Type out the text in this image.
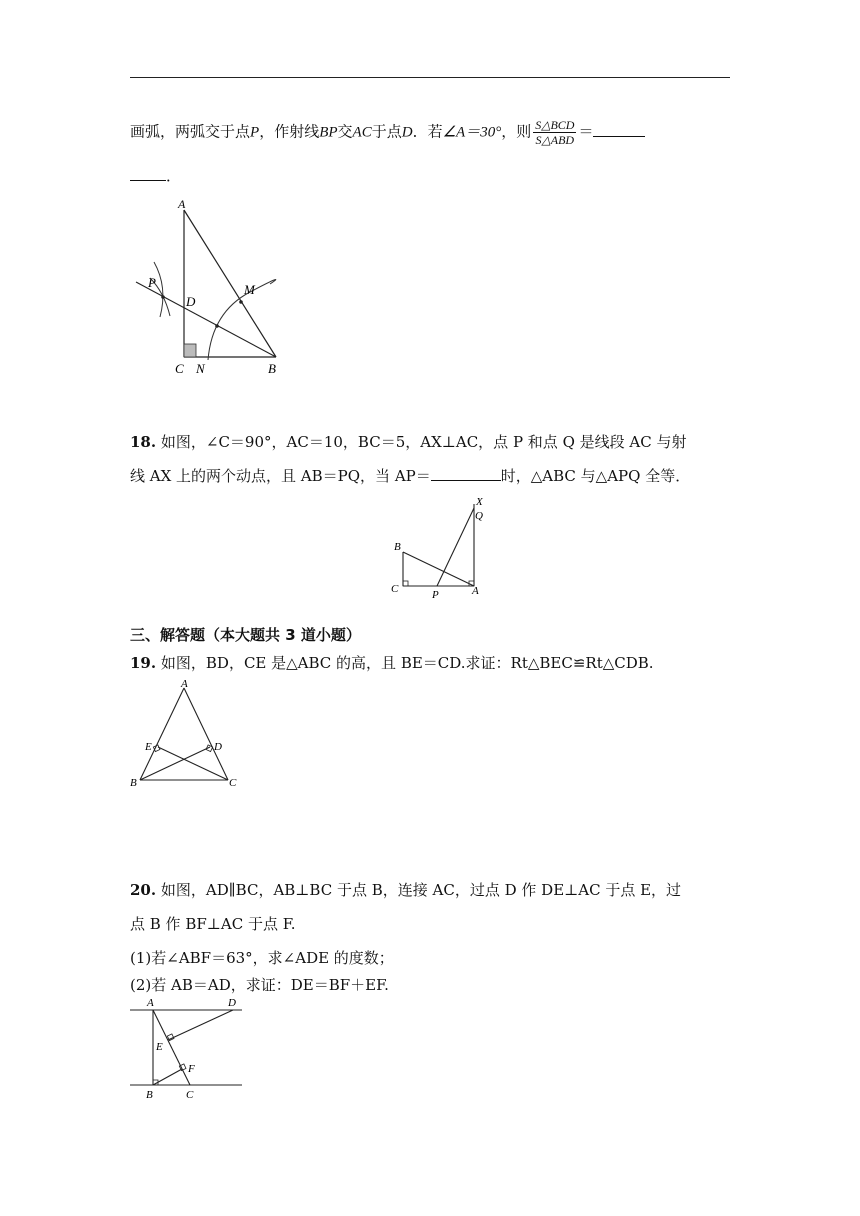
画弧，两弧交于点P，作射线BP交AC于点D．若∠A＝30°，则 $\frac{\text{S△BCD}}{\text{S△ABD}}$ ＝
．
A
P
D
M
C N	B
18. 如图，∠C＝90°，AC＝10，BC＝5，AX⊥AC，点 P 和点 Q 是线段 AC 与射
线 AX 上的两个动点，且 AB＝PQ，当 AP＝	时，△ABC 与△APQ 全等．
X
Q
B
C	P	A
三、解答题（本大题共 3 道小题）
19. 如图，BD，CE 是△ABC 的高，且 BE＝CD.求证：Rt△BEC≌Rt△CDB.
A
E	D
B	C
20. 如图，AD∥BC，AB⊥BC 于点 B，连接 AC，过点 D 作 DE⊥AC 于点 E，过
点 B 作 BF⊥AC 于点 F.
(1)若∠ABF＝63°，求∠ADE 的度数；
(2)若 AB＝AD，求证：DE＝BF＋EF.
A	D
E
F
B	C
